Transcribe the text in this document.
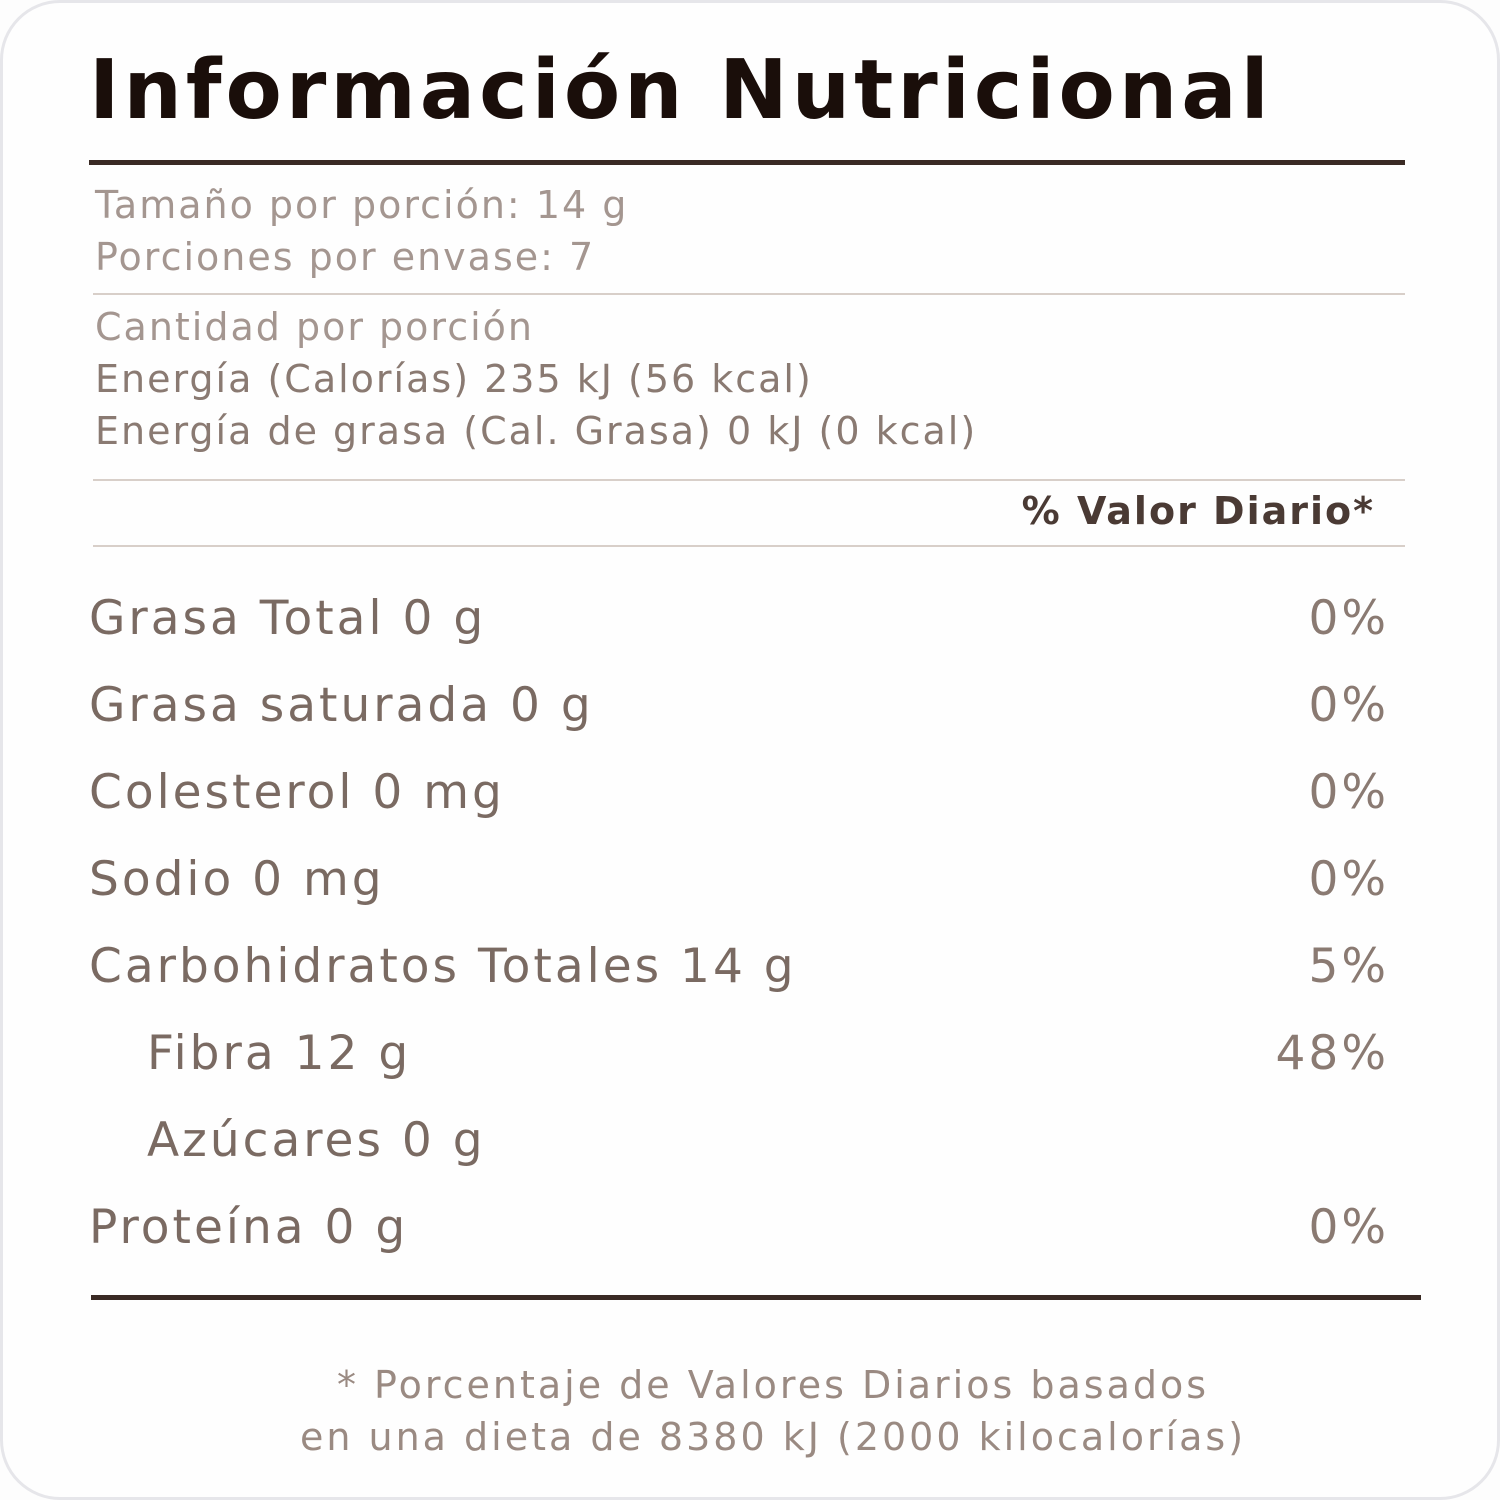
Información Nutricional
Tamaño por porción: 14 g
Porciones por envase: 7
Cantidad por porción
Energía (Calorías) 235 kJ (56 kcal)
Energía de grasa (Cal. Grasa) 0 kJ (0 kcal)
% Valor Diario*
Grasa Total 0 g	0%
Grasa saturada 0 g	0%
Colesterol 0 mg	0%
Sodio 0 mg	0%
Carbohidratos Totales 14 g	5%
Fibra 12 g	48%
Azúcares 0 g
Proteína 0 g	0%
* Porcentaje de Valores Diarios basados
en una dieta de 8380 kJ (2000 kilocalorías)
